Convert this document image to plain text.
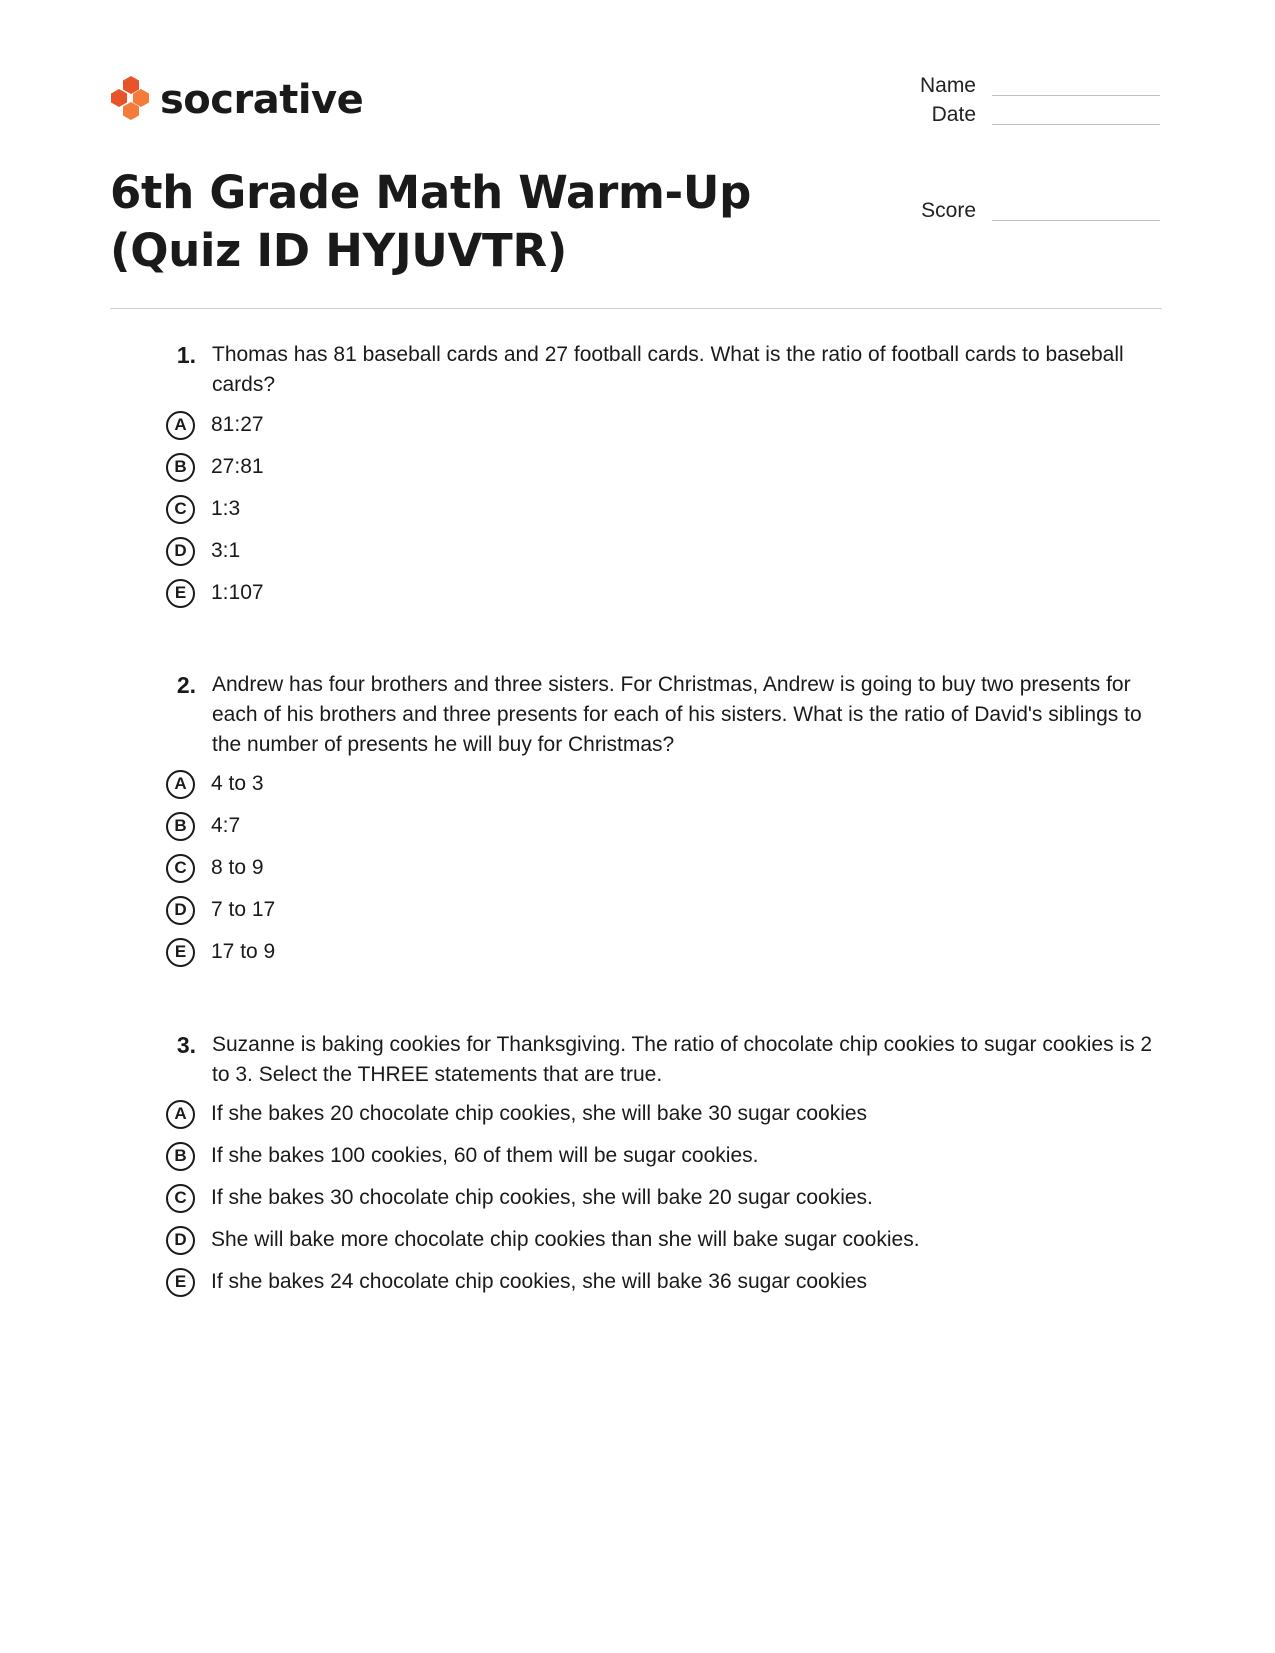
socrative	Name
Date
Score
6th Grade Math Warm-Up (Quiz ID HYJUVTR)
1. Thomas has 81 baseball cards and 27 football cards. What is the ratio of football cards to baseball cards?
A	81:27
B	27:81
C	1:3
D	3:1
E	1:107
2. Andrew has four brothers and three sisters. For Christmas, Andrew is going to buy two presents for each of his brothers and three presents for each of his sisters. What is the ratio of David's siblings to the number of presents he will buy for Christmas?
A	4 to 3
B	4:7
C	8 to 9
D	7 to 17
E	17 to 9
3. Suzanne is baking cookies for Thanksgiving. The ratio of chocolate chip cookies to sugar cookies is 2 to 3. Select the THREE statements that are true.
A	If she bakes 20 chocolate chip cookies, she will bake 30 sugar cookies
B	If she bakes 100 cookies, 60 of them will be sugar cookies.
C	If she bakes 30 chocolate chip cookies, she will bake 20 sugar cookies.
D	She will bake more chocolate chip cookies than she will bake sugar cookies.
E	If she bakes 24 chocolate chip cookies, she will bake 36 sugar cookies
